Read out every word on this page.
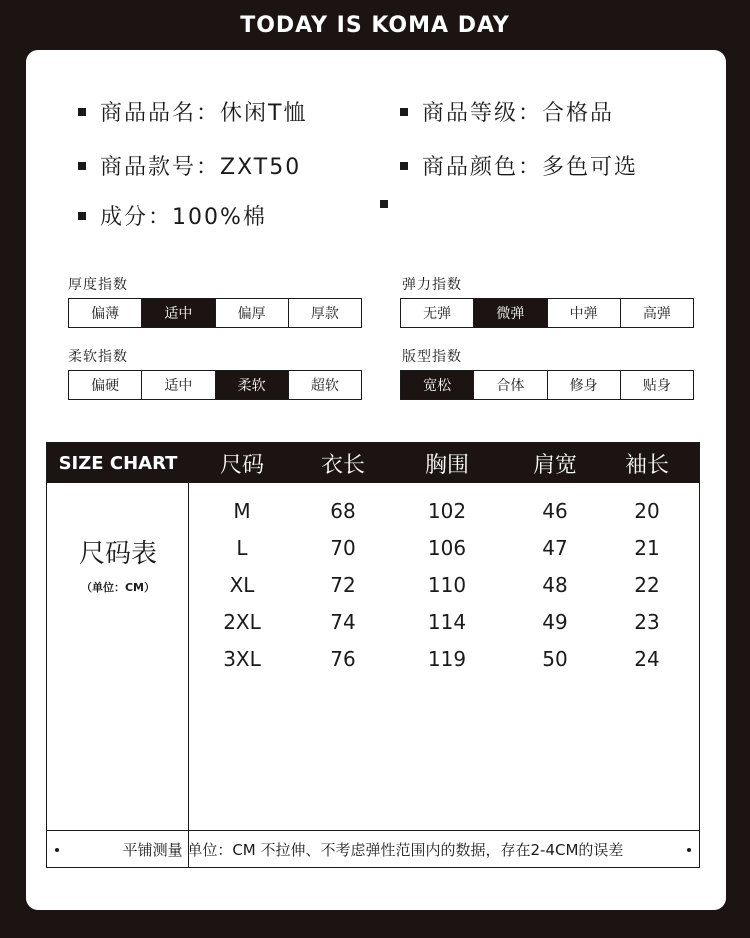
TODAY IS KOMA DAY
商品品名：休闲T恤	商品等级：合格品
商品款号：ZXT50	商品颜色：多色可选
成分：100%棉
厚度指数
偏薄	适中	偏厚	厚款
弹力指数
无弹	微弹	中弹	高弹
柔软指数
偏硬	适中	柔软	超软
版型指数
宽松	合体	修身	贴身
SIZE CHART	尺码	衣长	胸围	肩宽	袖长
尺码表
（单位：CM）
M	68	102	46	20
L	70	106	47	21
XL	72	110	48	22
2XL	74	114	49	23
3XL	76	119	50	24
平铺测量 单位：CM 不拉伸、不考虑弹性范围内的数据，存在2-4CM的误差
